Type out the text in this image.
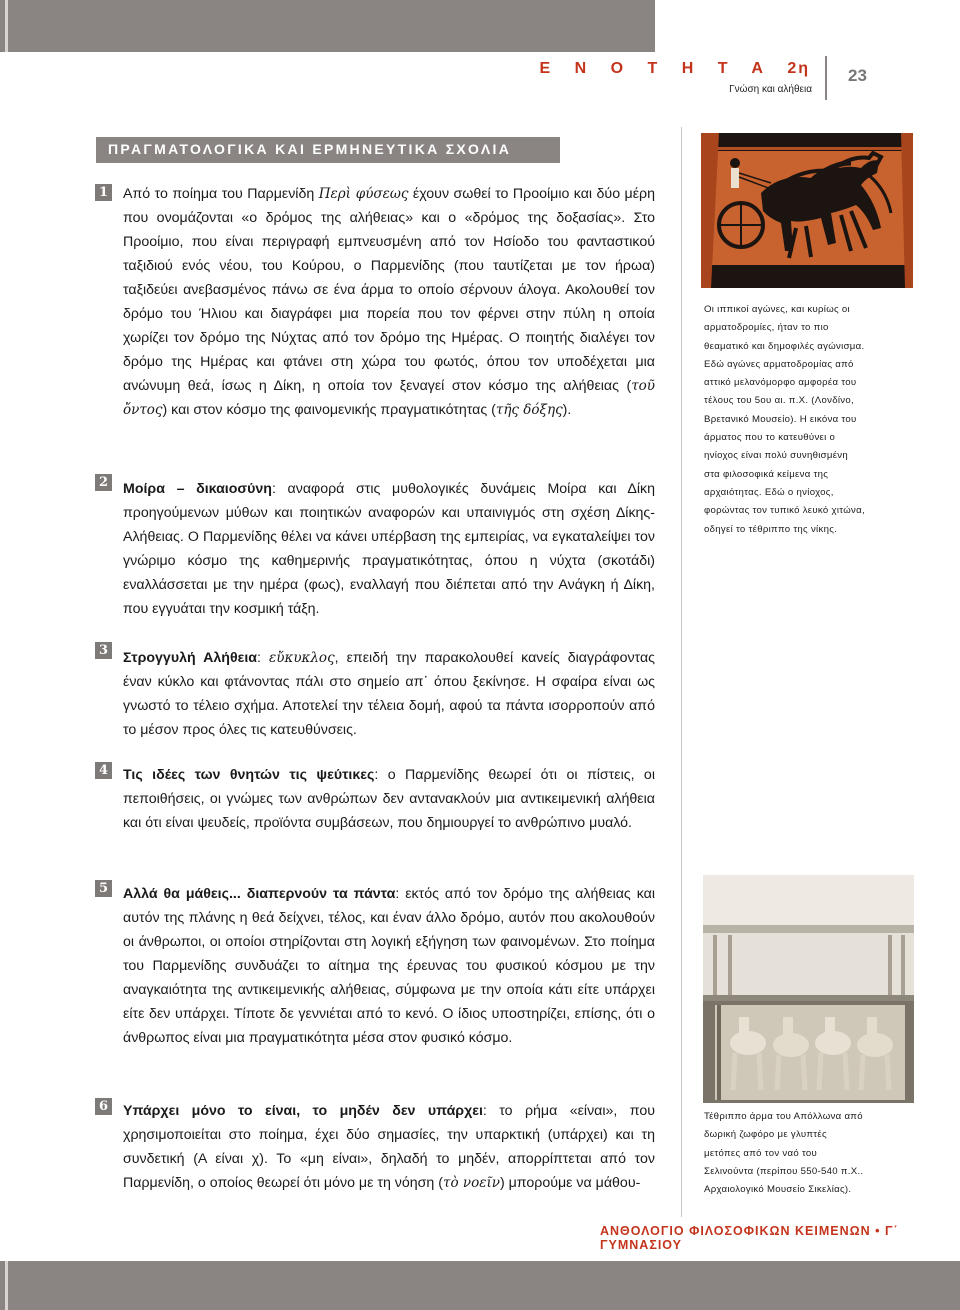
Ε Ν Ο Τ Η Τ Α 2η
Γνώση και αλήθεια
23
ΠΡΑΓΜΑΤΟΛΟΓΙΚΑ ΚΑΙ ΕΡΜΗΝΕΥΤΙΚΑ ΣΧΟΛΙΑ
1 Από το ποίημα του Παρμενίδη Περὶ φύσεως έχουν σωθεί το Προοίμιο και δύο μέρη που ονομάζονται «ο δρόμος της αλήθειας» και ο «δρόμος της δοξασίας». Στο Προοίμιο, που είναι περιγραφή εμπνευσμένη από τον Ησίοδο του φανταστικού ταξιδιού ενός νέου, του Κούρου, ο Παρμενίδης (που ταυτίζεται με τον ήρωα) ταξιδεύει ανεβασμένος πάνω σε ένα άρμα το οποίο σέρνουν άλογα. Ακολουθεί τον δρόμο του Ήλιου και διαγράφει μια πορεία που τον φέρνει στην πύλη η οποία χωρίζει τον δρόμο της Νύχτας από τον δρόμο της Ημέρας. Ο ποιητής διαλέγει τον δρόμο της Ημέρας και φτάνει στη χώρα του φωτός, όπου τον υποδέχεται μια ανώνυμη θεά, ίσως η Δίκη, η οποία τον ξεναγεί στον κόσμο της αλήθειας (τοῦ ὄντος) και στον κόσμο της φαινομενικής πραγματικότητας (τῆς δόξης).
2 Μοίρα – δικαιοσύνη: αναφορά στις μυθολογικές δυνάμεις Μοίρα και Δίκη προηγούμενων μύθων και ποιητικών αναφορών και υπαινιγμός στη σχέση Δίκης-Αλήθειας. Ο Παρμενίδης θέλει να κάνει υπέρβαση της εμπειρίας, να εγκαταλείψει τον γνώριμο κόσμο της καθημερινής πραγματικότητας, όπου η νύχτα (σκοτάδι) εναλλάσσεται με την ημέρα (φως), εναλλαγή που διέπεται από την Ανάγκη ή Δίκη, που εγγυάται την κοσμική τάξη.
3 Στρογγυλή Αλήθεια: εὔκυκλος, επειδή την παρακολουθεί κανείς διαγράφοντας έναν κύκλο και φτάνοντας πάλι στο σημείο απ᾽ όπου ξεκίνησε. Η σφαίρα είναι ως γνωστό το τέλειο σχήμα. Αποτελεί την τέλεια δομή, αφού τα πάντα ισορροπούν από το μέσον προς όλες τις κατευθύνσεις.
4 Τις ιδέες των θνητών τις ψεύτικες: ο Παρμενίδης θεωρεί ότι οι πίστεις, οι πεποιθήσεις, οι γνώμες των ανθρώπων δεν αντανακλούν μια αντικειμενική αλήθεια και ότι είναι ψευδείς, προϊόντα συμβάσεων, που δημιουργεί το ανθρώπινο μυαλό.
5 Αλλά θα μάθεις... διαπερνούν τα πάντα: εκτός από τον δρόμο της αλήθειας και αυτόν της πλάνης η θεά δείχνει, τέλος, και έναν άλλο δρόμο, αυτόν που ακολουθούν οι άνθρωποι, οι οποίοι στηρίζονται στη λογική εξήγηση των φαινομένων. Στο ποίημα του Παρμενίδης συνδυάζει το αίτημα της έρευνας του φυσικού κόσμου με την αναγκαιότητα της αντικειμενικής αλήθειας, σύμφωνα με την οποία κάτι είτε υπάρχει είτε δεν υπάρχει. Τίποτε δε γεννιέται από το κενό. Ο ίδιος υποστηρίζει, επίσης, ότι ο άνθρωπος είναι μια πραγματικότητα μέσα στον φυσικό κόσμο.
6 Υπάρχει μόνο το είναι, το μηδέν δεν υπάρχει: το ρήμα «είναι», που χρησιμοποιείται στο ποίημα, έχει δύο σημασίες, την υπαρκτική (υπάρχει) και τη συνδετική (Α είναι χ). Το «μη είναι», δηλαδή το μηδέν, απορρίπτεται από τον Παρμενίδη, ο οποίος θεωρεί ότι μόνο με τη νόηση (τὸ νοεῖν) μπορούμε να μάθου-
Οι ιππικοί αγώνες, και κυρίως οι αρματοδρομίες, ήταν το πιο θεαματικό και δημοφιλές αγώνισμα. Εδώ αγώνες αρματοδρομίας από αττικό μελανόμορφο αμφορέα του τέλους του 5ου αι. π.Χ. (Λονδίνο, Βρετανικό Μουσείο). Η εικόνα του άρματος που το κατευθύνει ο ηνίοχος είναι πολύ συνηθισμένη στα φιλοσοφικά κείμενα της αρχαιότητας. Εδώ ο ηνίοχος, φορώντας τον τυπικό λευκό χιτώνα, οδηγεί το τέθριππο της νίκης.
Τέθριππο άρμα του Απόλλωνα από δωρική ζωφόρο με γλυπτές μετόπες από τον ναό του Σελινούντα (περίπου 550-540 π.Χ.. Αρχαιολογικό Μουσείο Σικελίας).
ΑΝΘΟΛΟΓΙΟ ΦΙΛΟΣΟΦΙΚΩΝ ΚΕΙΜΕΝΩΝ • Γ΄ ΓΥΜΝΑΣΙΟΥ
